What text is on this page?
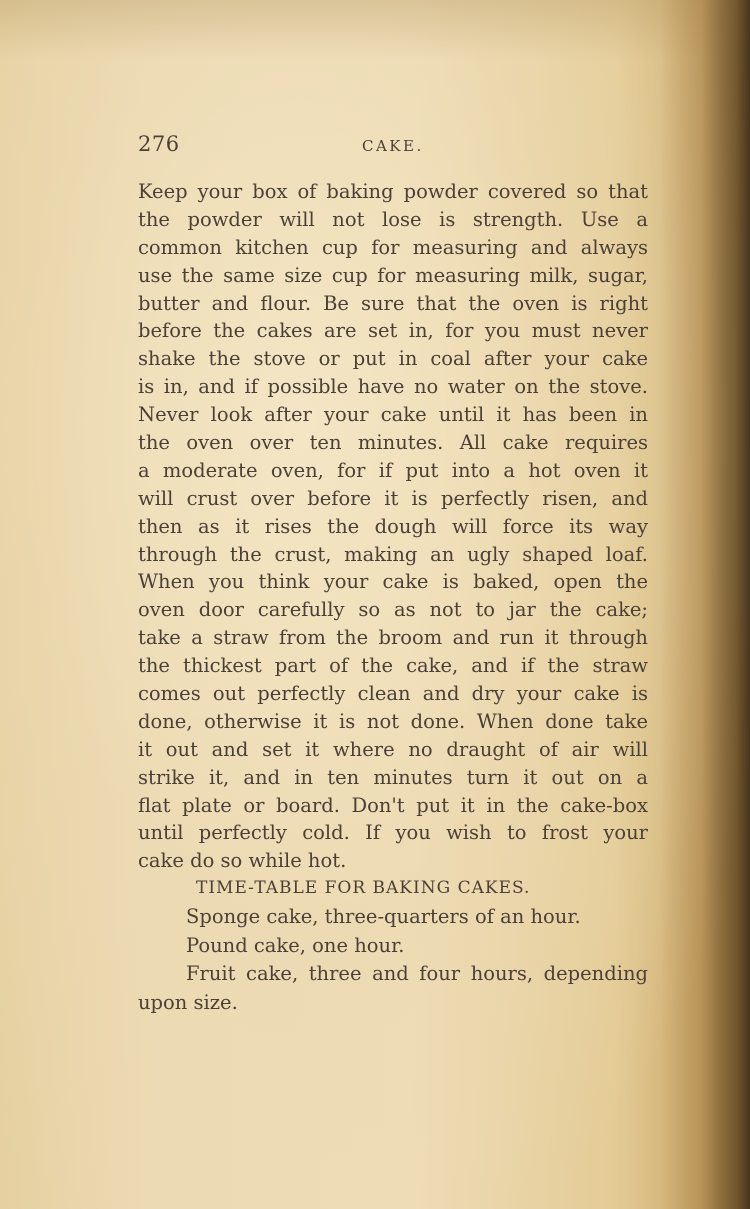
276	CAKE.
Keep your box of baking powder covered so that
the powder will not lose is strength. Use a
common kitchen cup for measuring and always
use the same size cup for measuring milk, sugar,
butter and flour. Be sure that the oven is right
before the cakes are set in, for you must never
shake the stove or put in coal after your cake
is in, and if possible have no water on the stove.
Never look after your cake until it has been in
the oven over ten minutes. All cake requires
a moderate oven, for if put into a hot oven it
will crust over before it is perfectly risen, and
then as it rises the dough will force its way
through the crust, making an ugly shaped loaf.
When you think your cake is baked, open the
oven door carefully so as not to jar the cake;
take a straw from the broom and run it through
the thickest part of the cake, and if the straw
comes out perfectly clean and dry your cake is
done, otherwise it is not done. When done take
it out and set it where no draught of air will
strike it, and in ten minutes turn it out on a
flat plate or board. Don't put it in the cake-box
until perfectly cold. If you wish to frost your
cake do so while hot.
TIME-TABLE FOR BAKING CAKES.
Sponge cake, three-quarters of an hour.
Pound cake, one hour.
Fruit cake, three and four hours, depending
upon size.
